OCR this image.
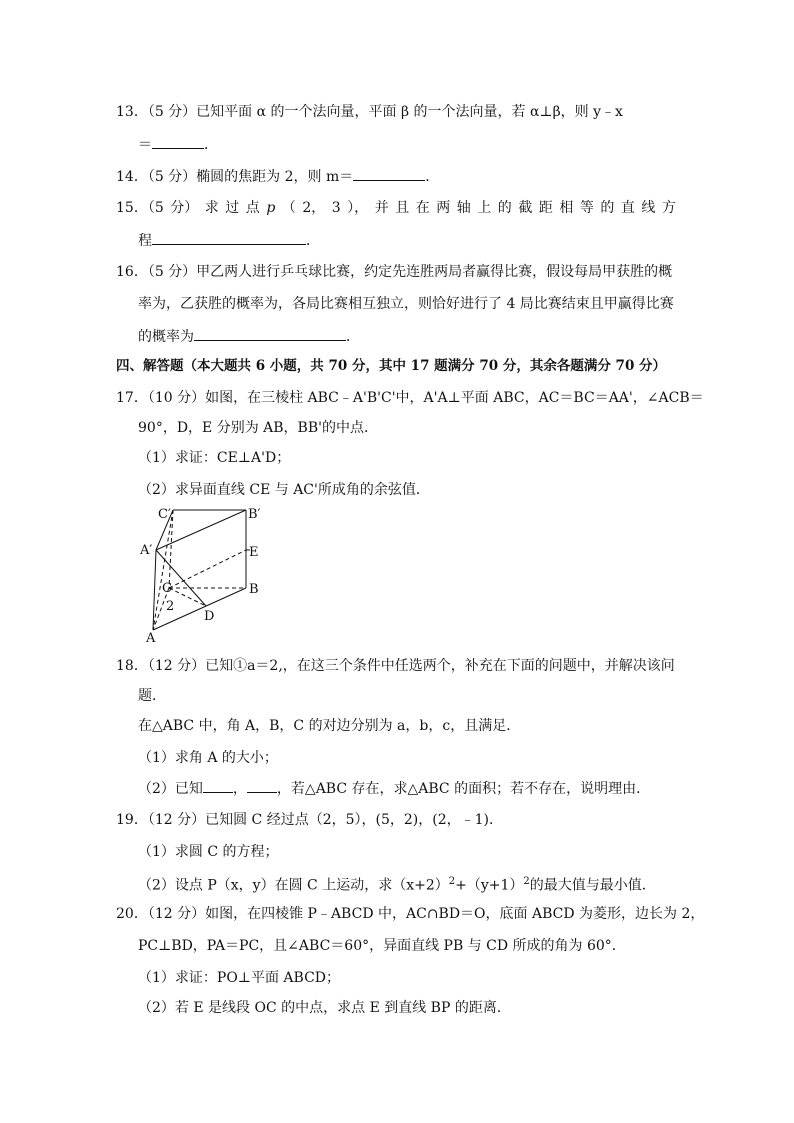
13．（5 分）已知平面 α 的一个法向量，平面 β 的一个法向量，若 α⊥β，则 y﹣x
＝	．
14．（5 分）椭圆的焦距为 2，则 m＝	．
15．（5 分） 求 过 点 p （ 2， 3 ）， 并 且 在 两 轴 上 的 截 距 相 等 的 直 线 方
程	．
16．（5 分）甲乙两人进行乒乓球比赛，约定先连胜两局者赢得比赛，假设每局甲获胜的概
率为，乙获胜的概率为，各局比赛相互独立，则恰好进行了 4 局比赛结束且甲赢得比赛
的概率为	．
四、解答题（本大题共 6 小题，共 70 分，其中 17 题满分 70 分，其余各题满分 70 分）
17．（10 分）如图，在三棱柱 ABC﹣A'B'C'中，A'A⊥平面 ABC，AC＝BC＝AA'，∠ACB＝
90°，D，E 分别为 AB，BB'的中点．
（1）求证：CE⊥A'D；
（2）求异面直线 CE 与 AC'所成角的余弦值．
C′	B′
A′	E
C	B
2
D
A
18．（12 分）已知①a＝2,，在这三个条件中任选两个，补充在下面的问题中，并解决该问
题．
在△ABC 中，角 A，B，C 的对边分别为 a，b，c，且满足．
（1）求角 A 的大小；
（2）已知 ， ，若△ABC 存在，求△ABC 的面积；若不存在，说明理由．
19．（12 分）已知圆 C 经过点（2，5），(5，2)，(2，﹣1)．
（1）求圆 C 的方程；
（2）设点 P（x，y）在圆 C 上运动，求$(x+2)^2+(y+1)^2$的最大值与最小值．
20．（12 分）如图，在四棱锥 P﹣ABCD 中，AC∩BD＝O，底面 ABCD 为菱形，边长为 2，
PC⊥BD，PA＝PC，且∠ABC＝60°，异面直线 PB 与 CD 所成的角为 60°．
（1）求证：PO⊥平面 ABCD；
（2）若 E 是线段 OC 的中点，求点 E 到直线 BP 的距离．
